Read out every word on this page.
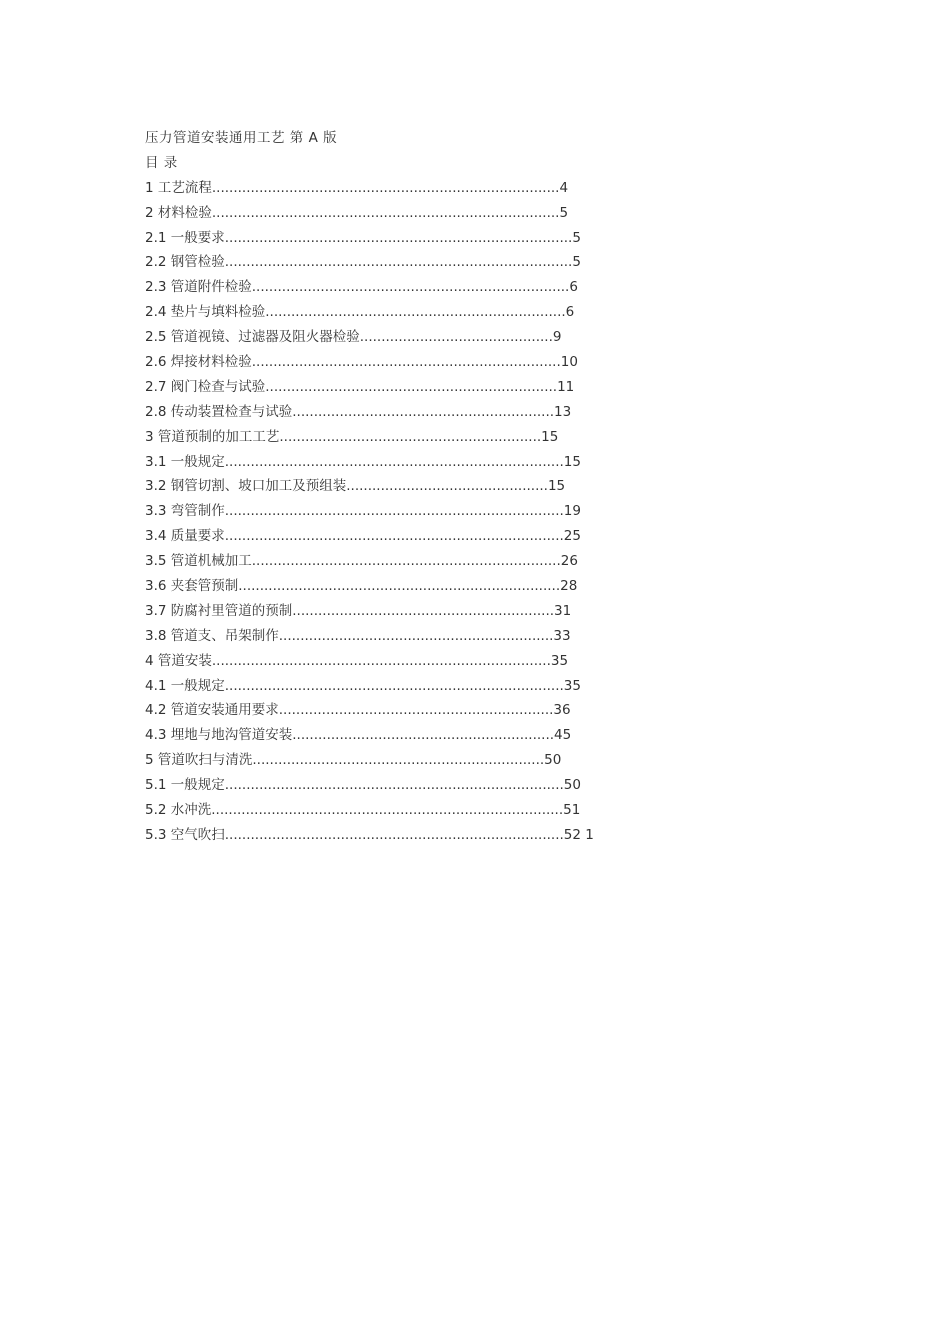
压力管道安装通用工艺 第 A 版
目 录
1 工艺流程.................................................................................4
2 材料检验.................................................................................5
2.1 一般要求.................................................................................5
2.2 钢管检验.................................................................................5
2.3 管道附件检验..........................................................................6
2.4 垫片与填料检验......................................................................6
2.5 管道视镜、过滤器及阻火器检验.............................................9
2.6 焊接材料检验........................................................................10
2.7 阀门检查与试验....................................................................11
2.8 传动装置检查与试验.............................................................13
3 管道预制的加工工艺.............................................................15
3.1 一般规定...............................................................................15
3.2 钢管切割、坡口加工及预组装...............................................15
3.3 弯管制作...............................................................................19
3.4 质量要求...............................................................................25
3.5 管道机械加工........................................................................26
3.6 夹套管预制...........................................................................28
3.7 防腐衬里管道的预制.............................................................31
3.8 管道支、吊架制作................................................................33
4 管道安装...............................................................................35
4.1 一般规定...............................................................................35
4.2 管道安装通用要求................................................................36
4.3 埋地与地沟管道安装.............................................................45
5 管道吹扫与清洗....................................................................50
5.1 一般规定...............................................................................50
5.2 水冲洗..................................................................................51
5.3 空气吹扫...............................................................................52 1
